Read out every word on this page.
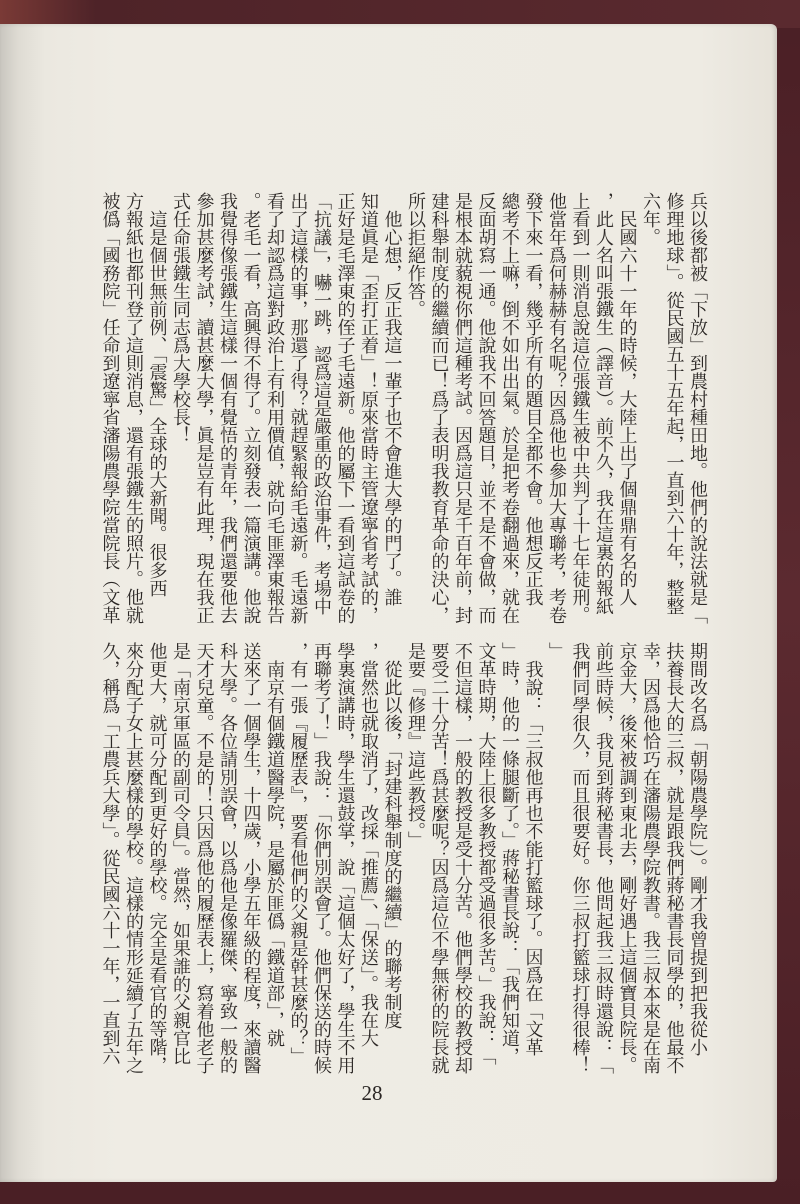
兵以後都被「下放」到農村種田地。他們的說法就是「
修理地球」。從民國五十五年起，一直到六十年，整整
六年。
　民國六十一年的時候，大陸上出了個鼎鼎有名的人
，此人名叫張鐵生（譯音）。前不久，我在這裏的報紙
上看到一則消息說這位張鐵生被中共判了十七年徒刑。
他當年爲何赫赫有名呢？因爲他也參加大專聯考，考卷
發下來一看，幾乎所有的題目全都不會。他想反正我
總考不上嘛，倒不如出出氣。於是把考卷翻過來，就在
反面胡寫一通。他說我不回答題目，並不是不會做，而
是根本就藐視你們這種考試。因爲這只是千百年前，封
建科舉制度的繼續而已！爲了表明我教育革命的決心，
所以拒絕作答。
　他心想，反正我這一輩子也不會進大學的門了。誰
知道眞是「歪打正着」！原來當時主管遼寧省考試的，
正好是毛澤東的侄子毛遠新。他的屬下一看到這試卷的
「抗議」，嚇一跳，認爲這是嚴重的政治事件，考場中
出了這樣的事，那還了得？就趕緊報給毛遠新。毛遠新
看了却認爲這對政治上有利用價值，就向毛匪澤東報告
。老毛一看，高興得不得了。立刻發表一篇演講。他說
我覺得像張鐵生這樣一個有覺悟的青年，我們還要他去
參加甚麼考試，讀甚麼大學，眞是豈有此理，現在我正
式任命張鐵生同志爲大學校長！
　這是個世無前例、「震驚」全球的大新聞。很多西
方報紙也都刊登了這則消息，還有張鐵生的照片。他就
被僞「國務院」任命到遼寧省瀋陽農學院當院長（文革
期間改名爲「朝陽農學院」）。剛才我曾提到把我從小
扶養長大的三叔，就是跟我們蔣秘書長同學的，他最不
幸，因爲他恰巧在瀋陽農學院教書。我三叔本來是在南
京金大，後來被調到東北去，剛好遇上這個寶貝院長。
前些時候，我見到蔣秘書長，他問起我三叔時還說：「
我們同學很久，而且很要好。你三叔打籃球打得很棒！
」
　我說：「三叔他再也不能打籃球了。因爲在「文革
」時，他的一條腿斷了。」蔣秘書長說：「我們知道，
文革時期，大陸上很多教授都受過很多苦。」我說：「
不但這樣，一般的教授是受十分苦。他們學校的教授却
要受二十分苦！爲甚麼呢？因爲這位不學無術的院長就
是要『修理』這些教授。」
　從此以後，「封建科舉制度的繼續」的聯考制度
，當然也就取消了，改採「推薦」、「保送」。我在大
學裏演講時，學生還鼓掌，說「這個太好了，學生不用
再聯考了！」我說：「你們別誤會了。他們保送的時候
，有一張『履歷表』，要看他們的父親是幹甚麼的？」
　南京有個鐵道醫學院，是屬於匪僞「鐵道部」，就
送來了一個學生，十四歲，小學五年級的程度，來讀醫
科大學。各位請別誤會，以爲他是像羅傑、寧致一般的
天才兒童。不是的！只因爲他的履歷表上，寫着他老子
是「南京軍區的副司令員」。當然，如果誰的父親官比
他更大，就可分配到更好的學校。完全是看官的等階，
來分配子女上甚麼樣的學校。這樣的情形延續了五年之
久，稱爲「工農兵大學」。從民國六十一年，一直到六
28
